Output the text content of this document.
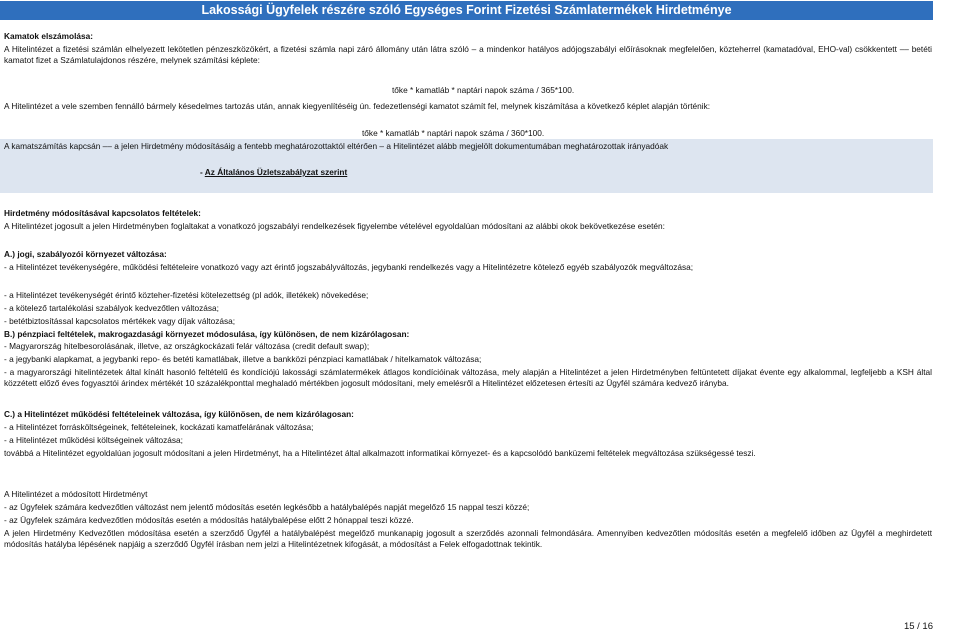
Lakossági Ügyfelek részére szóló Egységes Forint Fizetési Számlatermékek Hirdetménye
Kamatok elszámolása:
A Hitelintézet a fizetési számlán elhelyezett lekötetlen pénzeszközökért, a fizetési számla napi záró állomány után látra szóló – a mindenkor hatályos adójogszabályi előírásoknak megfelelően, közteherrel (kamatadóval, EHO-val) csökkentett –– betéti kamatot fizet a Számlatulajdonos részére, melynek számítási képlete:
tőke * kamatláb * naptári napok száma / 365*100.
A Hitelintézet a vele szemben fennálló bármely késedelmes tartozás után, annak kiegyenlítéséig ún. fedezetlenségi kamatot számít fel, melynek kiszámítása a következő képlet alapján történik:
tőke * kamatláb * naptári napok száma / 360*100.
A kamatszámítás kapcsán –– a jelen Hirdetmény módosításáig a fentebb meghatározottaktól eltérően – a Hitelintézet alább megjelölt dokumentumában meghatározottak irányadóak
- Az Általános Üzletszabályzat szerint
Hirdetmény módosításával kapcsolatos feltételek:
A Hitelintézet jogosult a jelen Hirdetményben foglaltakat a vonatkozó jogszabályi rendelkezések figyelembe vételével egyoldalúan módosítani az alábbi okok bekövetkezése esetén:
A.) jogi, szabályozói környezet változása:
- a Hitelintézet tevékenységére, működési feltételeire vonatkozó vagy azt érintő jogszabályváltozás, jegybanki rendelkezés vagy a Hitelintézetre kötelező egyéb szabályozók megváltozása;
- a Hitelintézet tevékenységét érintő közteher-fizetési kötelezettség (pl adók, illetékek) növekedése;
- a kötelező tartalékolási szabályok kedvezőtlen változása;
- betétbiztosítással kapcsolatos mértékek vagy díjak változása;
B.) pénzpiaci feltételek, makrogazdasági környezet módosulása, így különösen, de nem kizárólagosan:
- Magyarország hitelbesorolásának, illetve, az országkockázati felár változása (credit default swap);
- a jegybanki alapkamat, a jegybanki repo- és betéti kamatlábak, illetve a bankközi pénzpiaci kamatlábak / hitelkamatok változása;
- a magyarországi hitelintézetek által kínált hasonló feltételű és kondíciójú lakossági számlatermékek átlagos kondícióinak változása, mely alapján a Hitelintézet a jelen Hirdetményben feltüntetett díjakat évente egy alkalommal, legfeljebb a KSH által közzétett előző éves fogyasztói árindex mértékét 10 százalékponttal meghaladó mértékben jogosult módosítani, mely emelésről a Hitelintézet előzetesen értesíti az Ügyfél számára kedvező irányba.
C.) a Hitelintézet működési feltételeinek változása, így különösen, de nem kizárólagosan:
- a Hitelintézet forrásköltségeinek, feltételeinek, kockázati kamatfelárának változása;
- a Hitelintézet működési költségeinek változása;
továbbá a Hitelintézet egyoldalúan jogosult módosítani a jelen Hirdetményt, ha a Hitelintézet által alkalmazott informatikai környezet- és a kapcsolódó banküzemi feltételek megváltozása szükségessé teszi.
A Hitelintézet a módosított Hirdetményt
- az Ügyfelek számára kedvezőtlen változást nem jelentő módosítás esetén legkésőbb a hatálybalépés napját megelőző 15 nappal teszi közzé;
- az Ügyfelek számára kedvezőtlen módosítás esetén a módosítás hatálybalépése előtt 2 hónappal teszi közzé.
A jelen Hirdetmény Kedvezőtlen módosítása esetén a szerződő Ügyfél a hatálybalépést megelőző munkanapig jogosult a szerződés azonnali felmondására. Amennyiben kedvezőtlen módosítás esetén a megfelelő időben az Ügyfél a meghirdetett módosítás hatályba lépésének napjáig a szerződő Ügyfél írásban nem jelzi a Hitelintézetnek kifogását, a módosítást a Felek elfogadottnak tekintik.
15 / 16
